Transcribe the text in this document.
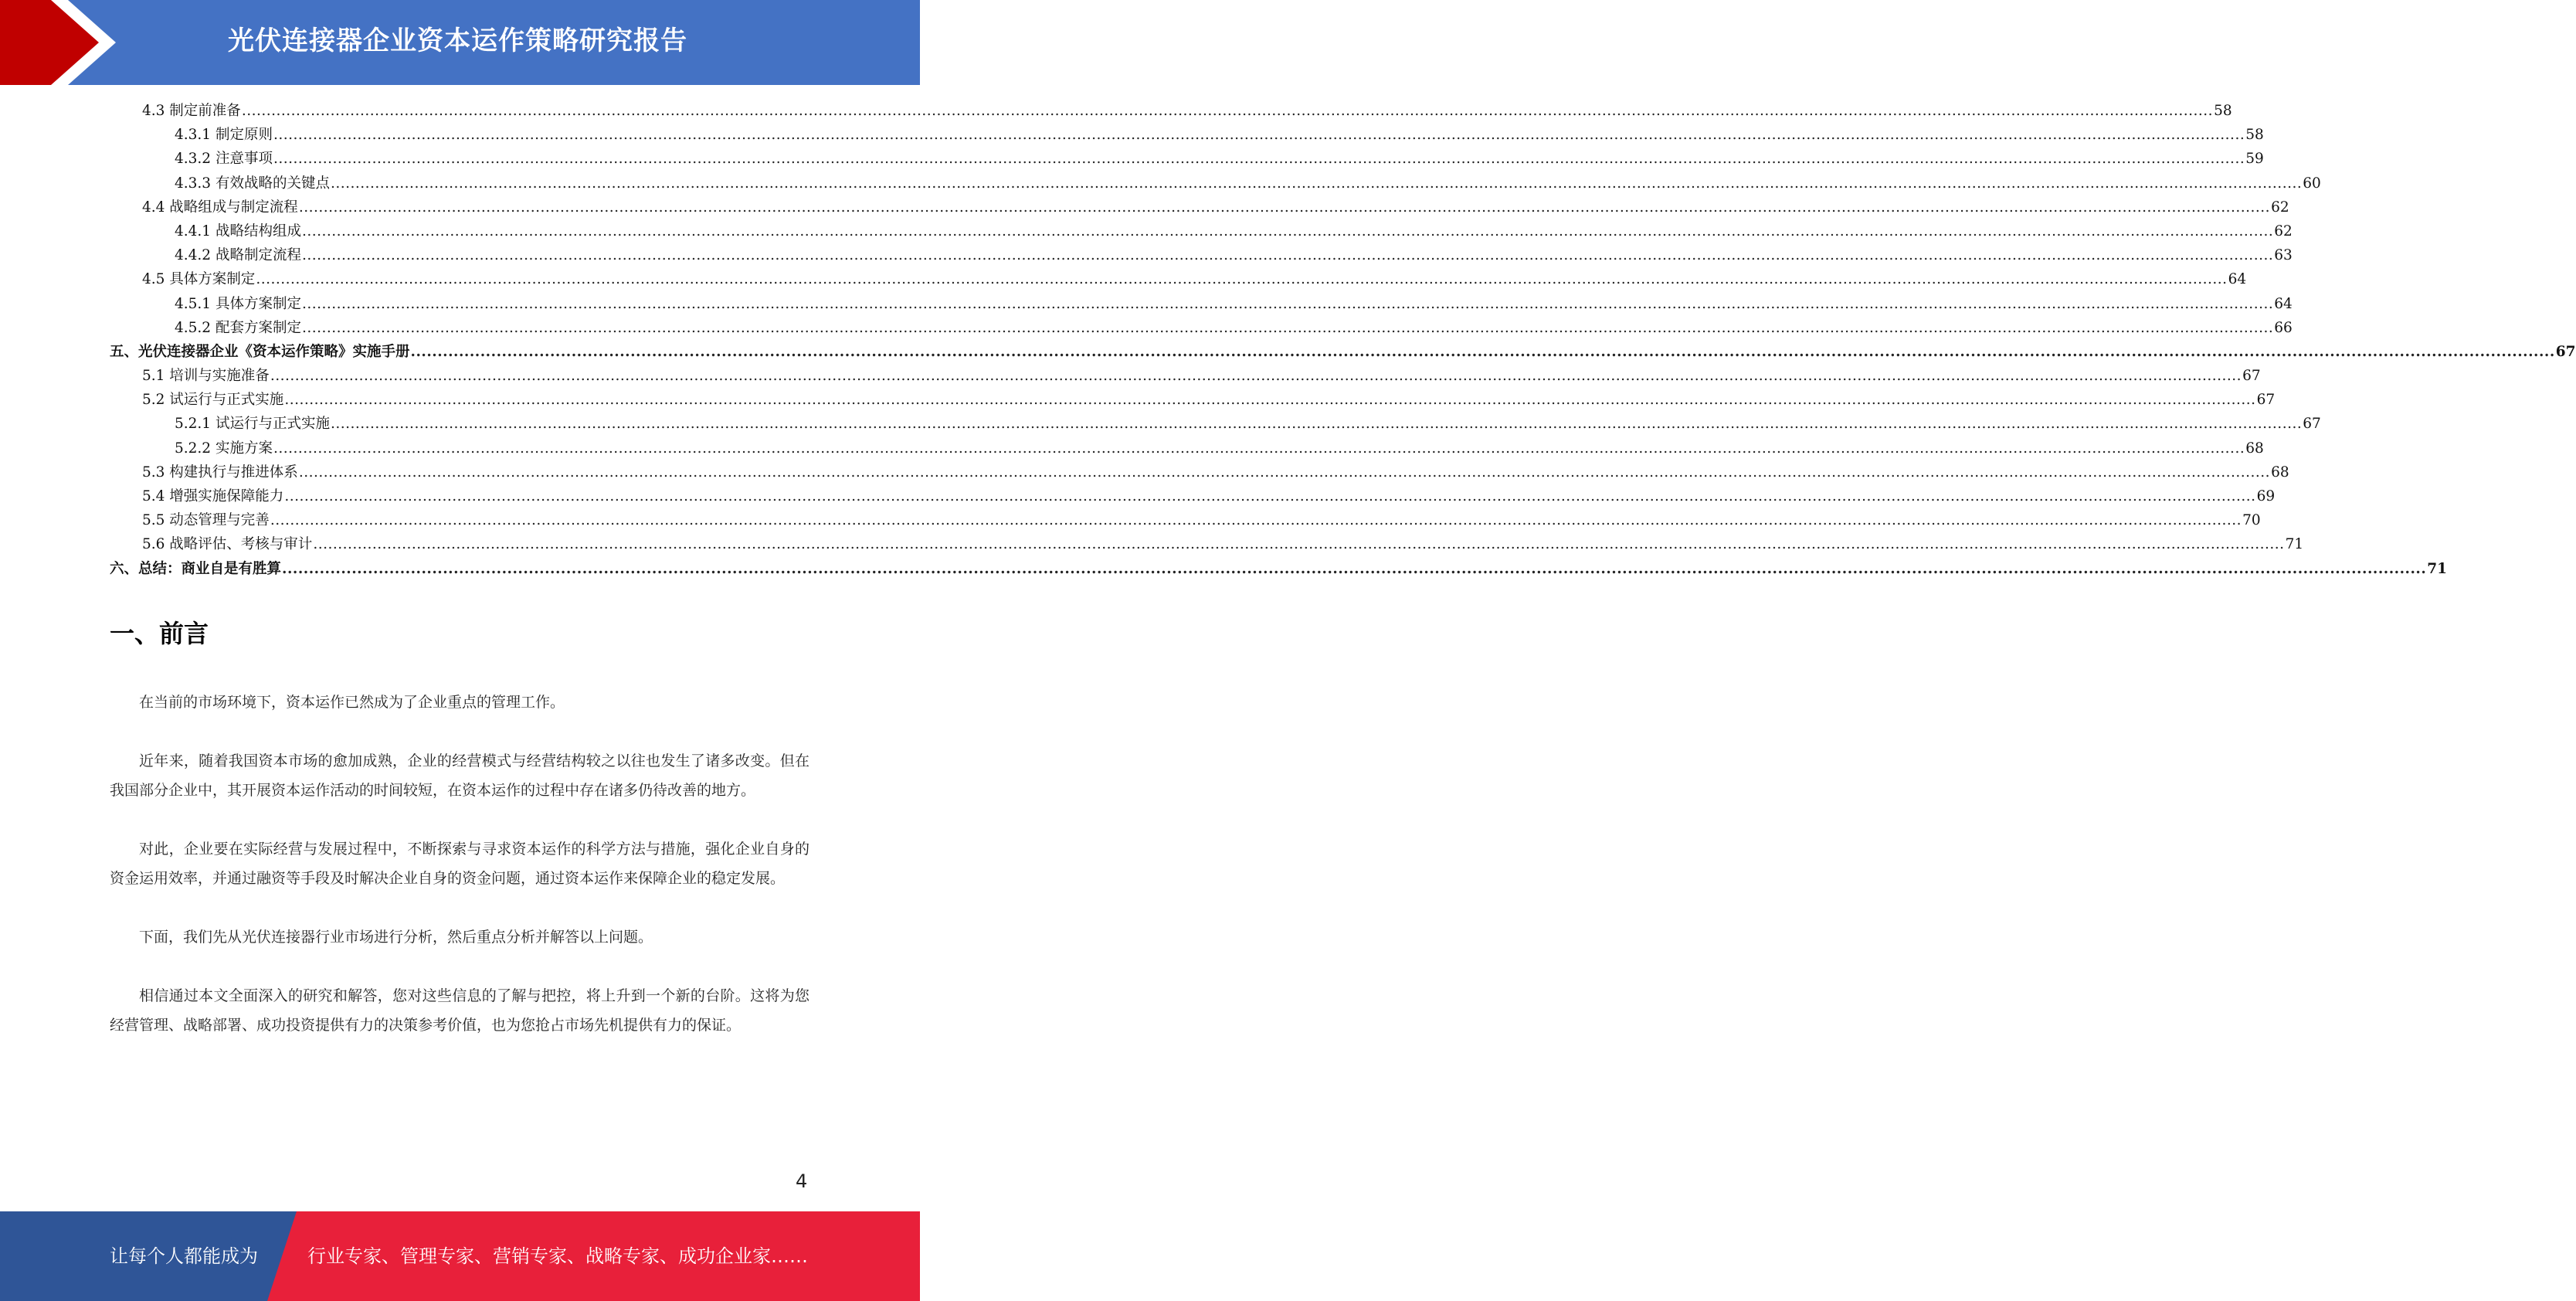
光伏连接器企业资本运作策略研究报告
4.3 制定前准备 ................................................................................................................................................................................................................................................................................................................................................................................................................ 58
4.3.1 制定原则 ................................................................................................................................................................................................................................................................................................................................................................................................................ 58
4.3.2 注意事项 ................................................................................................................................................................................................................................................................................................................................................................................................................ 59
4.3.3 有效战略的关键点 ................................................................................................................................................................................................................................................................................................................................................................................................................ 60
4.4 战略组成与制定流程 ................................................................................................................................................................................................................................................................................................................................................................................................................ 62
4.4.1 战略结构组成 ................................................................................................................................................................................................................................................................................................................................................................................................................ 62
4.4.2 战略制定流程 ................................................................................................................................................................................................................................................................................................................................................................................................................ 63
4.5 具体方案制定 ................................................................................................................................................................................................................................................................................................................................................................................................................ 64
4.5.1 具体方案制定 ................................................................................................................................................................................................................................................................................................................................................................................................................ 64
4.5.2 配套方案制定 ................................................................................................................................................................................................................................................................................................................................................................................................................ 66
五、光伏连接器企业《资本运作策略》实施手册 ................................................................................................................................................................................................................................................................................................................................................................................................................ 67
5.1 培训与实施准备 ................................................................................................................................................................................................................................................................................................................................................................................................................ 67
5.2 试运行与正式实施 ................................................................................................................................................................................................................................................................................................................................................................................................................ 67
5.2.1 试运行与正式实施 ................................................................................................................................................................................................................................................................................................................................................................................................................ 67
5.2.2 实施方案 ................................................................................................................................................................................................................................................................................................................................................................................................................ 68
5.3 构建执行与推进体系 ................................................................................................................................................................................................................................................................................................................................................................................................................ 68
5.4 增强实施保障能力 ................................................................................................................................................................................................................................................................................................................................................................................................................ 69
5.5 动态管理与完善 ................................................................................................................................................................................................................................................................................................................................................................................................................ 70
5.6 战略评估、考核与审计 ................................................................................................................................................................................................................................................................................................................................................................................................................ 71
六、总结：商业自是有胜算 ................................................................................................................................................................................................................................................................................................................................................................................................................ 71
一、前言

在当前的市场环境下，资本运作已然成为了企业重点的管理工作。

近年来，随着我国资本市场的愈加成熟，企业的经营模式与经营结构较之以往也发生了诸多改变。但在我国部分企业中，其开展资本运作活动的时间较短，在资本运作的过程中存在诸多仍待改善的地方。

对此，企业要在实际经营与发展过程中，不断探索与寻求资本运作的科学方法与措施，强化企业自身的资金运用效率，并通过融资等手段及时解决企业自身的资金问题，通过资本运作来保障企业的稳定发展。

下面，我们先从光伏连接器行业市场进行分析，然后重点分析并解答以上问题。

相信通过本文全面深入的研究和解答，您对这些信息的了解与把控，将上升到一个新的台阶。这将为您经营管理、战略部署、成功投资提供有力的决策参考价值，也为您抢占市场先机提供有力的保证。

4
让每个人都能成为	行业专家、管理专家、营销专家、战略专家、成功企业家……
